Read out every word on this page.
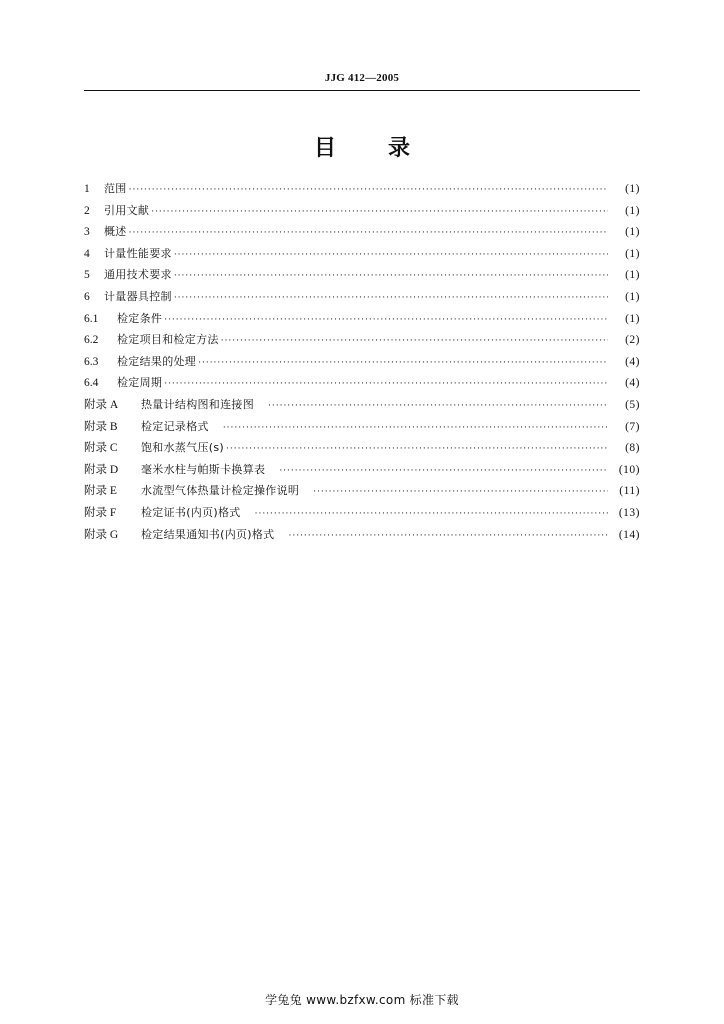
JJG 412—2005
目 录
1	范围 ·····	(1)
2	引用文献 ·····	(1)
3	概述 ·····	(1)
4	计量性能要求 ·····	(1)
5	通用技术要求 ·····	(1)
6	计量器具控制 ·····	(1)
6.1	检定条件 ·····	(1)
6.2	检定项目和检定方法 ·····	(2)
6.3	检定结果的处理 ·····	(4)
6.4	检定周期 ·····	(4)
附录 A	热量计结构图和连接图 ·····	(5)
附录 B	检定记录格式 ·····	(7)
附录 C	饱和水蒸气压(s) ·····	(8)
附录 D	毫米水柱与帕斯卡换算表 ·····	(10)
附录 E	水流型气体热量计检定操作说明 ·····	(11)
附录 F	检定证书(内页)格式 ·····	(13)
附录 G	检定结果通知书(内页)格式 ·····	(14)
学兔兔 www.bzfxw.com 标准下载
